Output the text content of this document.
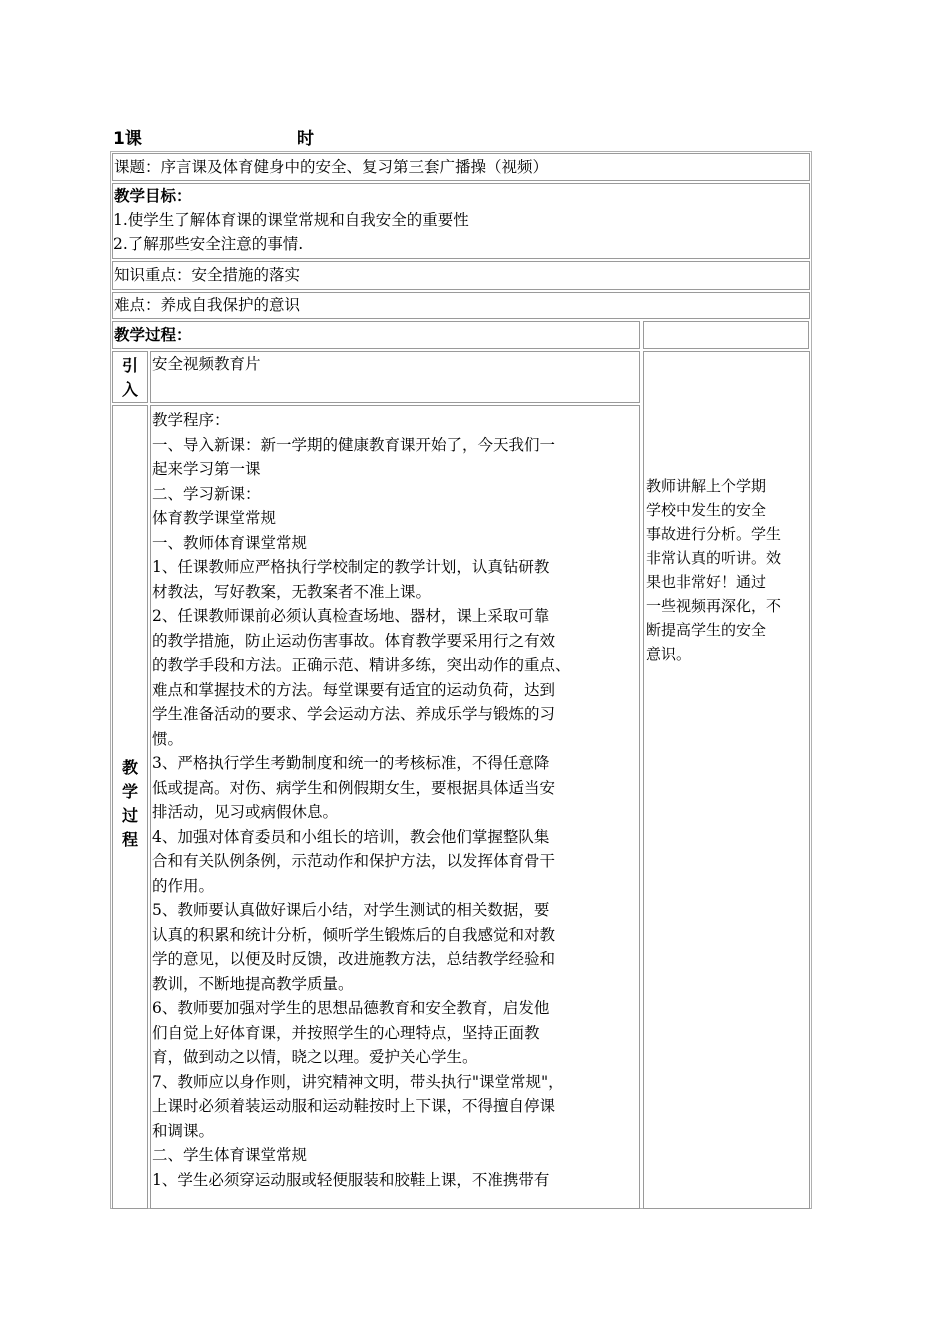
1课

	时

课题：序言课及体育健身中的安全、复习第三套广播操（视频）
教学目标：
1.使学生了解体育课的课堂常规和自我安全的重要性
2.了解那些安全注意的事情.
知识重点：安全措施的落实
难点：养成自我保护的意识
教学过程：
引入
安全视频教育片
教师讲解上个学期
学校中发生的安全
事故进行分析。学生
非常认真的听讲。效
果也非常好！通过
一些视频再深化，不
断提高学生的安全
意识。
教学过程
教学程序：
一、导入新课：新一学期的健康教育课开始了，今天我们一
起来学习第一课
二、学习新课：
体育教学课堂常规
一、教师体育课堂常规
1、任课教师应严格执行学校制定的教学计划，认真钻研教
材教法，写好教案，无教案者不准上课。
2、任课教师课前必须认真检查场地、器材，课上采取可靠
的教学措施，防止运动伤害事故。体育教学要采用行之有效
的教学手段和方法。正确示范、精讲多练，突出动作的重点、
难点和掌握技术的方法。每堂课要有适宜的运动负荷，达到
学生准备活动的要求、学会运动方法、养成乐学与锻炼的习
惯。
3、严格执行学生考勤制度和统一的考核标准，不得任意降
低或提高。对伤、病学生和例假期女生，要根据具体适当安
排活动，见习或病假休息。
4、加强对体育委员和小组长的培训，教会他们掌握整队集
合和有关队例条例，示范动作和保护方法，以发挥体育骨干
的作用。
5、教师要认真做好课后小结，对学生测试的相关数据，要
认真的积累和统计分析，倾听学生锻炼后的自我感觉和对教
学的意见，以便及时反馈，改进施教方法，总结教学经验和
教训，不断地提高教学质量。
6、教师要加强对学生的思想品德教育和安全教育，启发他
们自觉上好体育课，并按照学生的心理特点，坚持正面教
育，做到动之以情，晓之以理。爱护关心学生。
7、教师应以身作则，讲究精神文明，带头执行"课堂常规"，
上课时必须着装运动服和运动鞋按时上下课，不得擅自停课
和调课。
二、学生体育课堂常规
1、学生必须穿运动服或轻便服装和胶鞋上课，不准携带有
